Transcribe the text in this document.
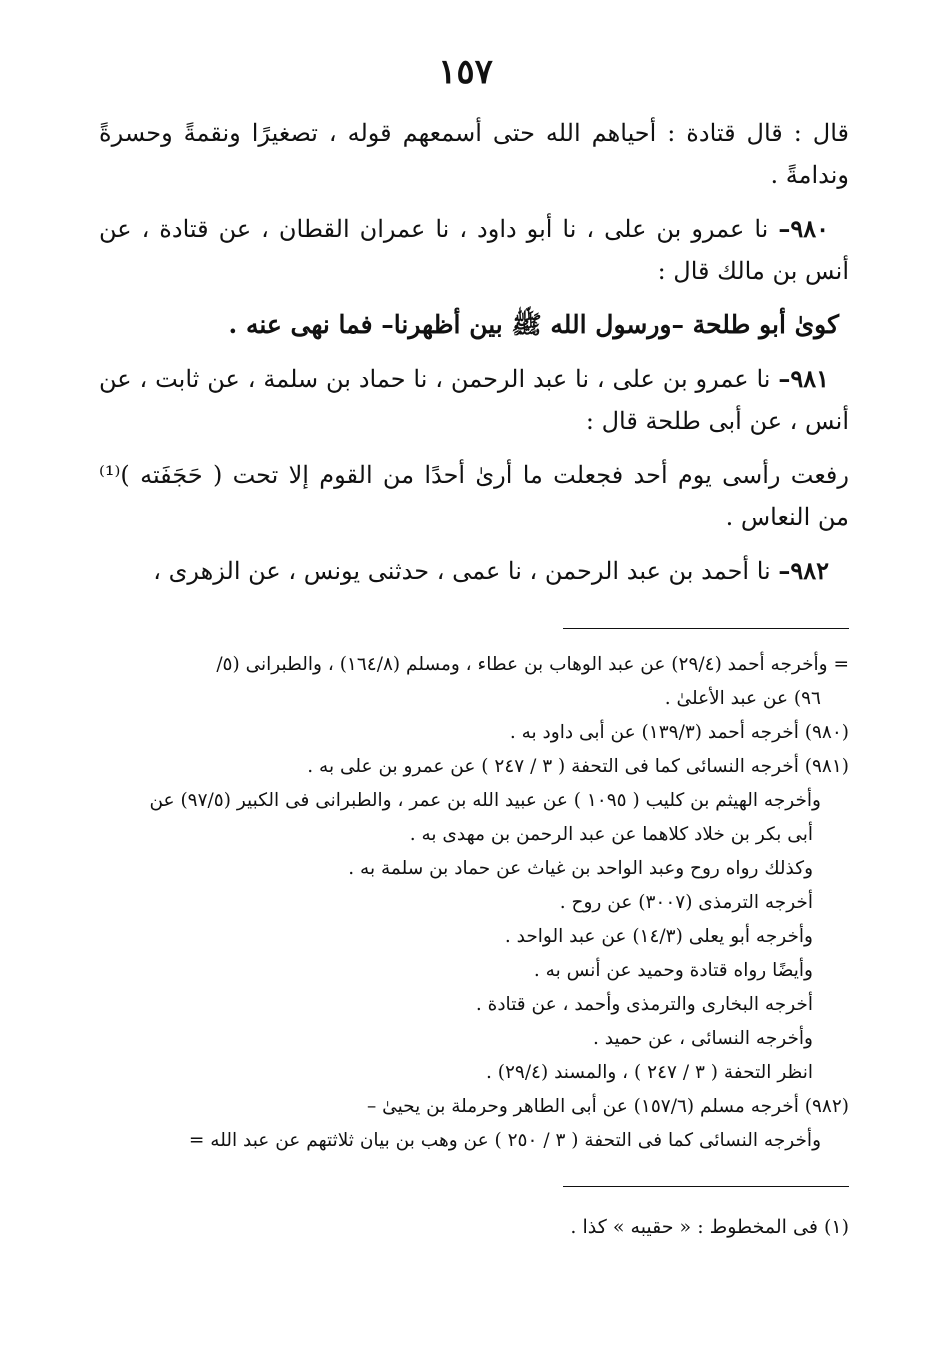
١٥٧

قال : قال قتادة : أحياهم الله حتى أسمعهم قوله ، تصغيرًا ونقمةً وحسرةً وندامةً .

٩٨٠– نا عمرو بن على ، نا أبو داود ، نا عمران القطان ، عن قتادة ، عن أنس بن مالك قال :

كوىٰ أبو طلحة –ورسول الله ﷺ بين أظهرنا– فما نهى عنه .

٩٨١– نا عمرو بن على ، نا عبد الرحمن ، نا حماد بن سلمة ، عن ثابت ، عن أنس ، عن أبى طلحة قال :

رفعت رأسى يوم أحد فجعلت ما أرىٰ أحدًا من القوم إلا تحت ( حَجَفَته )⁽¹⁾ من النعاس .

٩٨٢– نا أحمد بن عبد الرحمن ، نا عمى ، حدثنى يونس ، عن الزهرى ،

= وأخرجه أحمد (٢٩/٤) عن عبد الوهاب بن عطاء ، ومسلم (١٦٤/٨) ، والطبرانى (٥/
٩٦) عن عبد الأعلىٰ .
(٩٨٠) أخرجه أحمد (١٣٩/٣) عن أبى داود به .
(٩٨١) أخرجه النسائى كما فى التحفة ( ٣ / ٢٤٧ ) عن عمرو بن على به .
وأخرجه الهيثم بن كليب ( ١٠٩٥ ) عن عبيد الله بن عمر ، والطبرانى فى الكبير (٩٧/٥) عن
أبى بكر بن خلاد كلاهما عن عبد الرحمن بن مهدى به .
وكذلك رواه روح وعبد الواحد بن غياث عن حماد بن سلمة به .
أخرجه الترمذى (٣٠٠٧) عن روح .
وأخرجه أبو يعلى (١٤/٣) عن عبد الواحد .
وأيضًا رواه قتادة وحميد عن أنس به .
أخرجه البخارى والترمذى وأحمد ، عن قتادة .
وأخرجه النسائى ، عن حميد .
انظر التحفة ( ٣ / ٢٤٧ ) ، والمسند (٢٩/٤) .
(٩٨٢) أخرجه مسلم (١٥٧/٦) عن أبى الطاهر وحرملة بن يحيىٰ –
وأخرجه النسائى كما فى التحفة ( ٣ / ٢٥٠ ) عن وهب بن بيان ثلاثتهم عن عبد الله =
(١) فى المخطوط : « حقيبه » كذا .
